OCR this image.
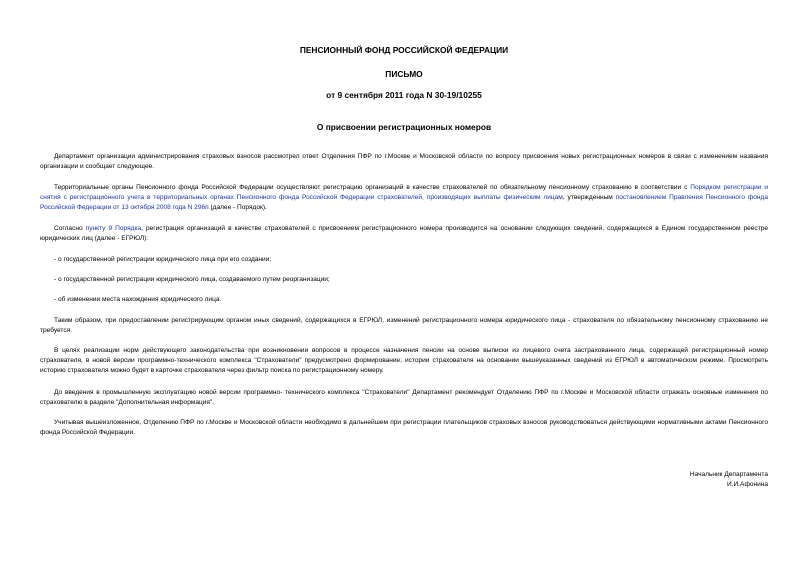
ПЕНСИОННЫЙ ФОНД РОССИЙСКОЙ ФЕДЕРАЦИИ
ПИСЬМО
от 9 сентября 2011 года N 30-19/10255
О присвоении регистрационных номеров

Департамент организации администрирования страховых взносов рассмотрел ответ Отделения ПФР по г.Москве и Московской области по вопросу присвоения новых регистрационных номеров в связи с изменением названия организации и сообщает следующее.

Территориальные органы Пенсионного фонда Российской Федерации осуществляют регистрацию организаций в качестве страхователей по обязательному пенсионному страхованию в соответствии с Порядком регистрации и снятия с регистрационного учета в территориальных органах Пенсионного фонда Российской Федерации страхователей, производящих выплаты физическим лицам, утвержденным постановлением Правления Пенсионного фонда Российской Федерации от 13 октября 2008 года N 296п (далее - Порядок).

Согласно пункту 9 Порядка, регистрация организаций в качестве страхователей с присвоением регистрационного номера производится на основании следующих сведений, содержащихся в Едином государственном реестре юридических лиц (далее - ЕГРЮЛ):

- о государственной регистрации юридического лица при его создании;
- о государственной регистрации юридического лица, создаваемого путем реорганизации;
- об изменении места нахождения юридического лица.

Таким образом, при предоставлении регистрирующим органом иных сведений, содержащихся в ЕГРЮЛ, изменений регистрационного номера юридического лица - страхователя по обязательному пенсионному страхованию не требуется.

В целях реализации норм действующего законодательства при возникновении вопросов в процессе назначения пенсии на основе выписки из лицевого счета застрахованного лица, содержащей регистрационный номер страхователя, в новой версии программно-технического комплекса "Страхователи" предусмотрено формирование; истории страхователя на основании вышеуказанных сведений из ЕГРЮЛ в автоматическом режиме. Просмотреть историю страхователя можно будет в карточке страхователя через фильтр поиска по регистрационному номеру.

До введения в промышленную эксплуатацию новой версии программно- технического комплекса "Страхователи" Департамент рекомендует Отделению ПФР по г.Москве и Московской области отражать основные изменения по страхователю в разделе "Дополнительная информация".

Учитывая вышеизложенное, Отделению ПФР по г.Москве и Московской области необходимо в дальнейшем при регистрации плательщиков страховых взносов руководствоваться действующими нормативными актами Пенсионного фонда Российской Федерации.

Начальник Департамента
И.И.Афонина
